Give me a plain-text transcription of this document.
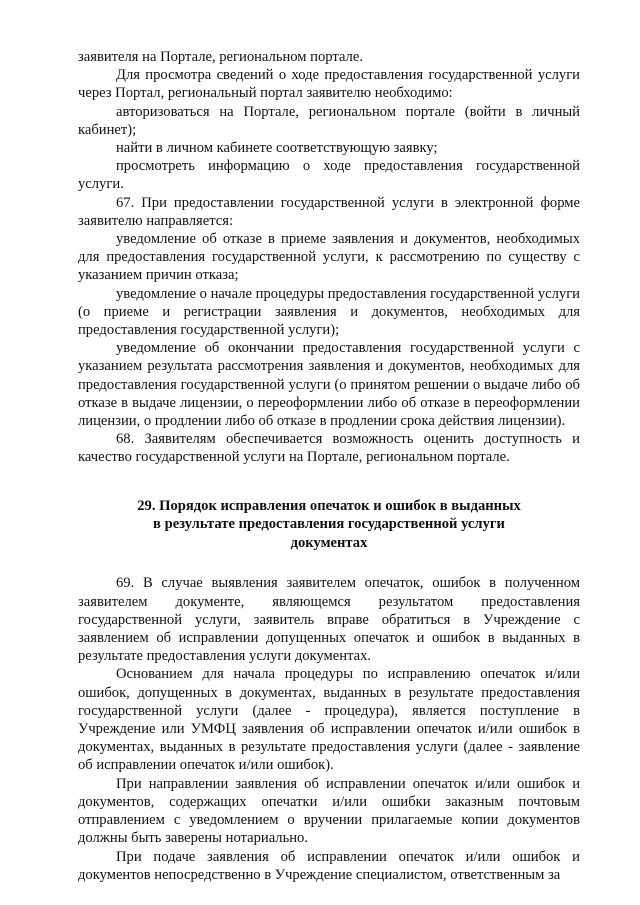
заявителя на Портале, региональном портале.

Для просмотра сведений о ходе предоставления государственной услуги через Портал, региональный портал заявителю необходимо:

авторизоваться на Портале, региональном портале (войти в личный кабинет);

найти в личном кабинете соответствующую заявку;

просмотреть информацию о ходе предоставления государственной услуги.

67. При предоставлении государственной услуги в электронной форме заявителю направляется:

уведомление об отказе в приеме заявления и документов, необходимых для предоставления государственной услуги, к рассмотрению по существу с указанием причин отказа;

уведомление о начале процедуры предоставления государственной услуги (о приеме и регистрации заявления и документов, необходимых для предоставления государственной услуги);

уведомление об окончании предоставления государственной услуги с указанием результата рассмотрения заявления и документов, необходимых для предоставления государственной услуги (о принятом решении о выдаче либо об отказе в выдаче лицензии, о переоформлении либо об отказе в переоформлении лицензии, о продлении либо об отказе в продлении срока действия лицензии).

68. Заявителям обеспечивается возможность оценить доступность и качество государственной услуги на Портале, региональном портале.

29. Порядок исправления опечаток и ошибок в выданных
в результате предоставления государственной услуги
документах

69. В случае выявления заявителем опечаток, ошибок в полученном заявителем документе, являющемся результатом предоставления государственной услуги, заявитель вправе обратиться в Учреждение с заявлением об исправлении допущенных опечаток и ошибок в выданных в результате предоставления услуги документах.

Основанием для начала процедуры по исправлению опечаток и/или ошибок, допущенных в документах, выданных в результате предоставления государственной услуги (далее - процедура), является поступление в Учреждение или УМФЦ заявления об исправлении опечаток и/или ошибок в документах, выданных в результате предоставления услуги (далее - заявление об исправлении опечаток и/или ошибок).

При направлении заявления об исправлении опечаток и/или ошибок и документов, содержащих опечатки и/или ошибки заказным почтовым отправлением с уведомлением о вручении прилагаемые копии документов должны быть заверены нотариально.

При подаче заявления об исправлении опечаток и/или ошибок и документов непосредственно в Учреждение специалистом, ответственным за
